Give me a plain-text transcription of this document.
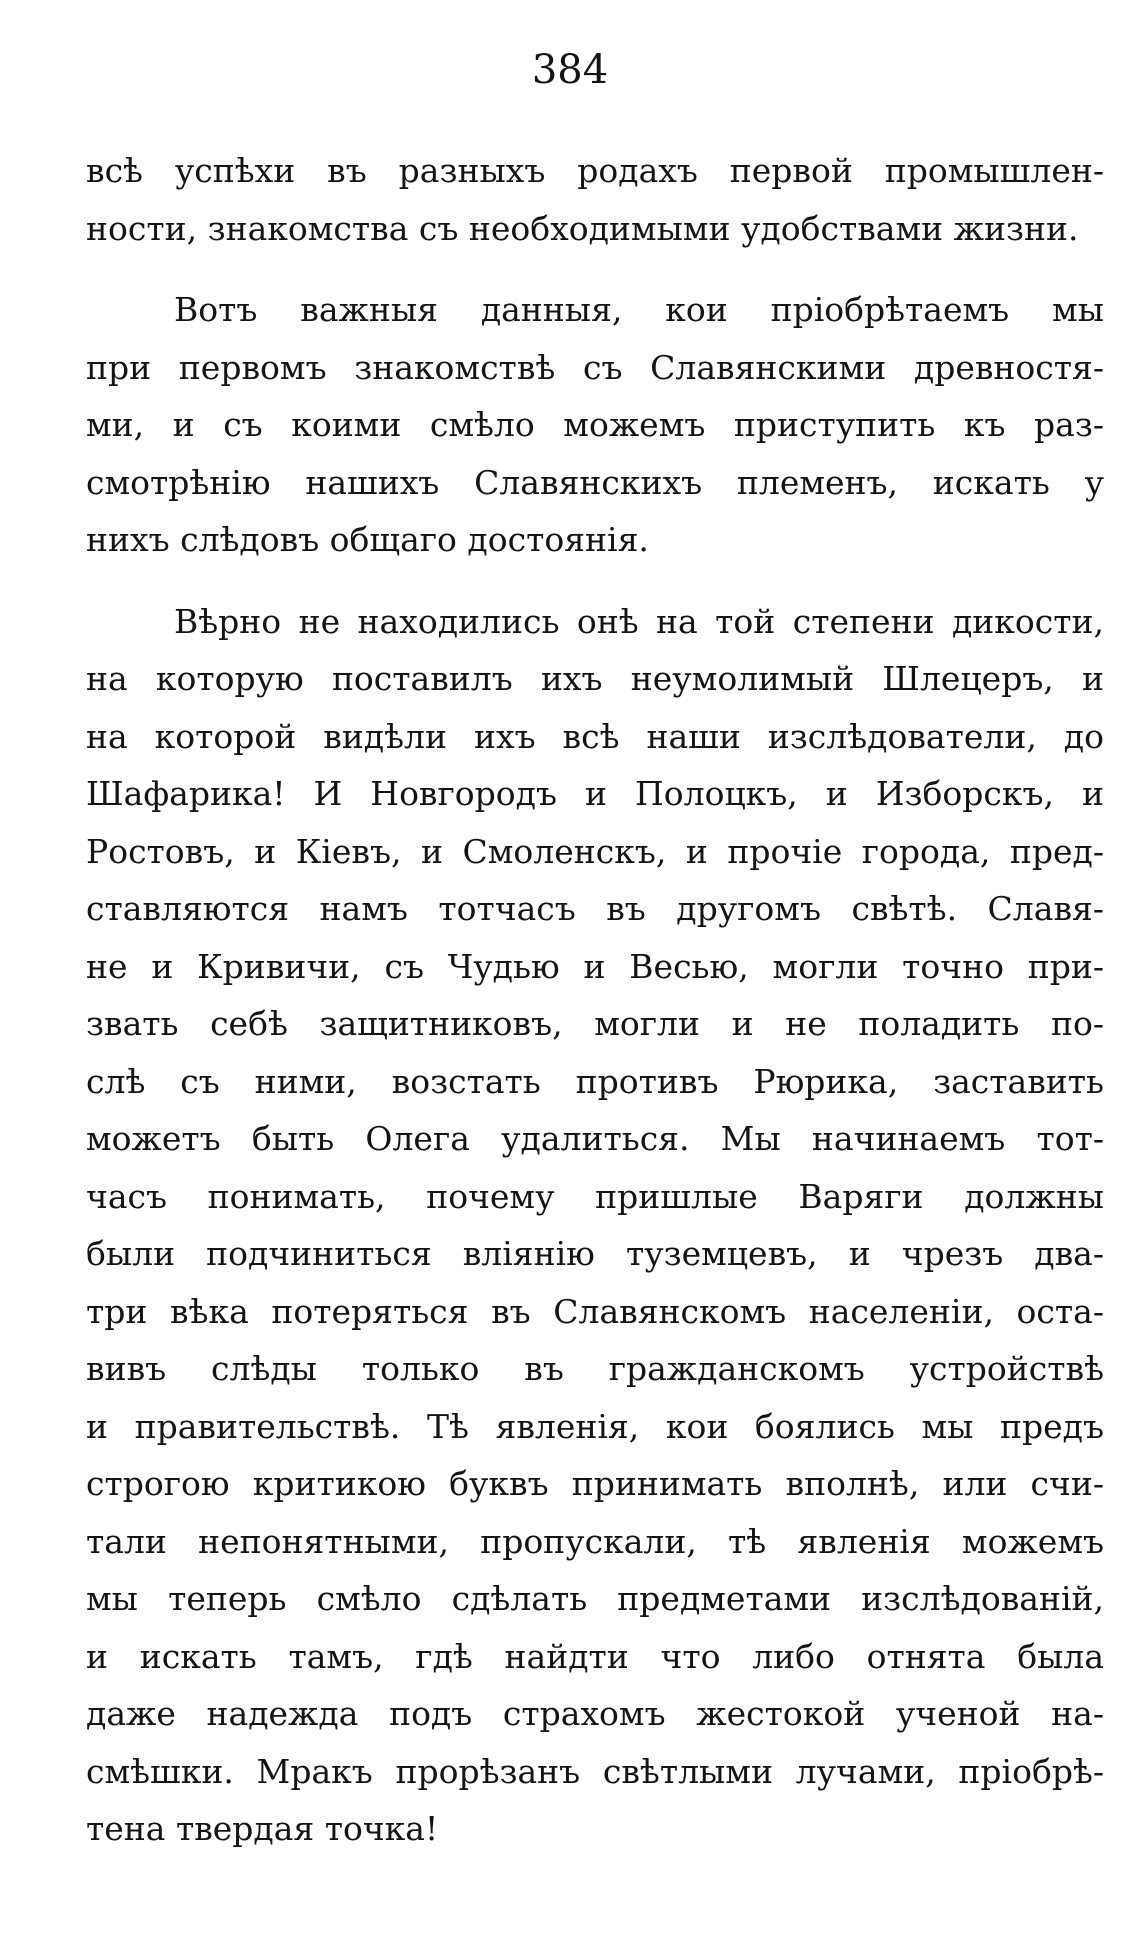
384

всѣ успѣхи въ разныхъ родахъ первой промышлен-
ности, знакомства съ необходимыми удобствами жизни.

Вотъ важныя данныя, кои пріобрѣтаемъ мы
при первомъ знакомствѣ съ Славянскими древностя-
ми, и съ коими смѣло можемъ приступить къ раз-
смотрѣнію нашихъ Славянскихъ племенъ, искать у
нихъ слѣдовъ общаго достоянія.

Вѣрно не находились онѣ на той степени дикости,
на которую поставилъ ихъ неумолимый Шлецеръ, и
на которой видѣли ихъ всѣ наши изслѣдователи, до
Шафарика! И Новгородъ и Полоцкъ, и Изборскъ, и
Ростовъ, и Кіевъ, и Смоленскъ, и прочіе города, пред-
ставляются намъ тотчасъ въ другомъ свѣтѣ. Славя-
не и Кривичи, съ Чудью и Весью, могли точно при-
звать себѣ защитниковъ, могли и не поладить по-
слѣ съ ними, возстать противъ Рюрика, заставить
можетъ быть Олега удалиться. Мы начинаемъ тот-
часъ понимать, почему пришлые Варяги должны
были подчиниться вліянію туземцевъ, и чрезъ два-
три вѣка потеряться въ Славянскомъ населеніи, оста-
вивъ слѣды только въ гражданскомъ устройствѣ
и правительствѣ. Тѣ явленія, кои боялись мы предъ
строгою критикою буквъ принимать вполнѣ, или счи-
тали непонятными, пропускали, тѣ явленія можемъ
мы теперь смѣло сдѣлать предметами изслѣдованій,
и искать тамъ, гдѣ найдти что либо отнята была
даже надежда подъ страхомъ жестокой ученой на-
смѣшки. Мракъ прорѣзанъ свѣтлыми лучами, пріобрѣ-
тена твердая точка!
